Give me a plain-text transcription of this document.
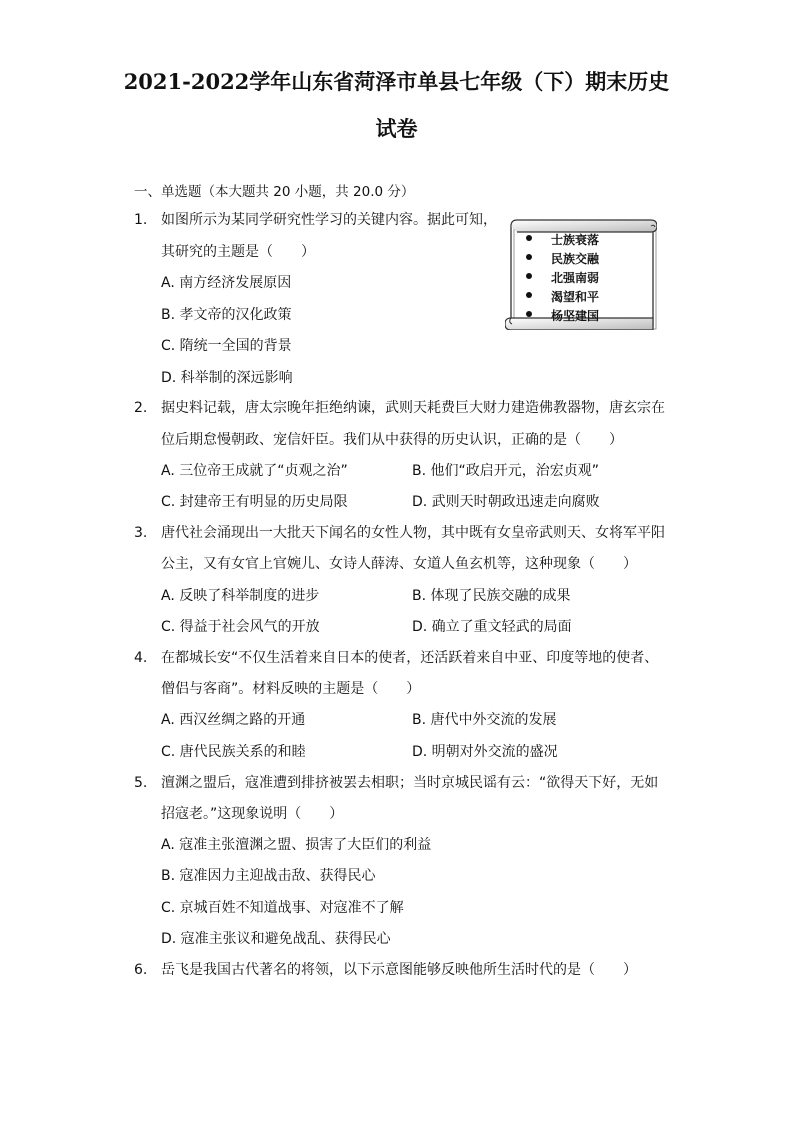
2021-2022学年山东省菏泽市单县七年级（下）期末历史
试卷
一、单选题（本大题共 20 小题，共 20.0 分）
士族衰落
民族交融
北强南弱
渴望和平
杨坚建国
1. 如图所示为某同学研究性学习的关键内容。据此可知，
其研究的主题是（　　）
A. 南方经济发展原因
B. 孝文帝的汉化政策
C. 隋统一全国的背景
D. 科举制的深远影响
2. 据史料记载，唐太宗晚年拒绝纳谏，武则天耗费巨大财力建造佛教器物，唐玄宗在
位后期怠慢朝政、宠信奸臣。我们从中获得的历史认识，正确的是（　　）
A. 三位帝王成就了“贞观之治”	B. 他们“政启开元，治宏贞观”
C. 封建帝王有明显的历史局限	D. 武则天时朝政迅速走向腐败
3. 唐代社会涌现出一大批天下闻名的女性人物，其中既有女皇帝武则天、女将军平阳
公主，又有女官上官婉儿、女诗人薛涛、女道人鱼玄机等，这种现象（　　）
A. 反映了科举制度的进步	B. 体现了民族交融的成果
C. 得益于社会风气的开放	D. 确立了重文轻武的局面
4. 在都城长安“不仅生活着来自日本的使者，还活跃着来自中亚、印度等地的使者、
僧侣与客商”。材料反映的主题是（　　）
A. 西汉丝绸之路的开通	B. 唐代中外交流的发展
C. 唐代民族关系的和睦	D. 明朝对外交流的盛况
5. 澶渊之盟后，寇准遭到排挤被罢去相职；当时京城民谣有云：“欲得天下好，无如
招寇老。”这现象说明（　　）
A. 寇准主张澶渊之盟、损害了大臣们的利益
B. 寇准因力主迎战击敌、获得民心
C. 京城百姓不知道战事、对寇准不了解
D. 寇准主张议和避免战乱、获得民心
6. 岳飞是我国古代著名的将领，以下示意图能够反映他所生活时代的是（　　）
